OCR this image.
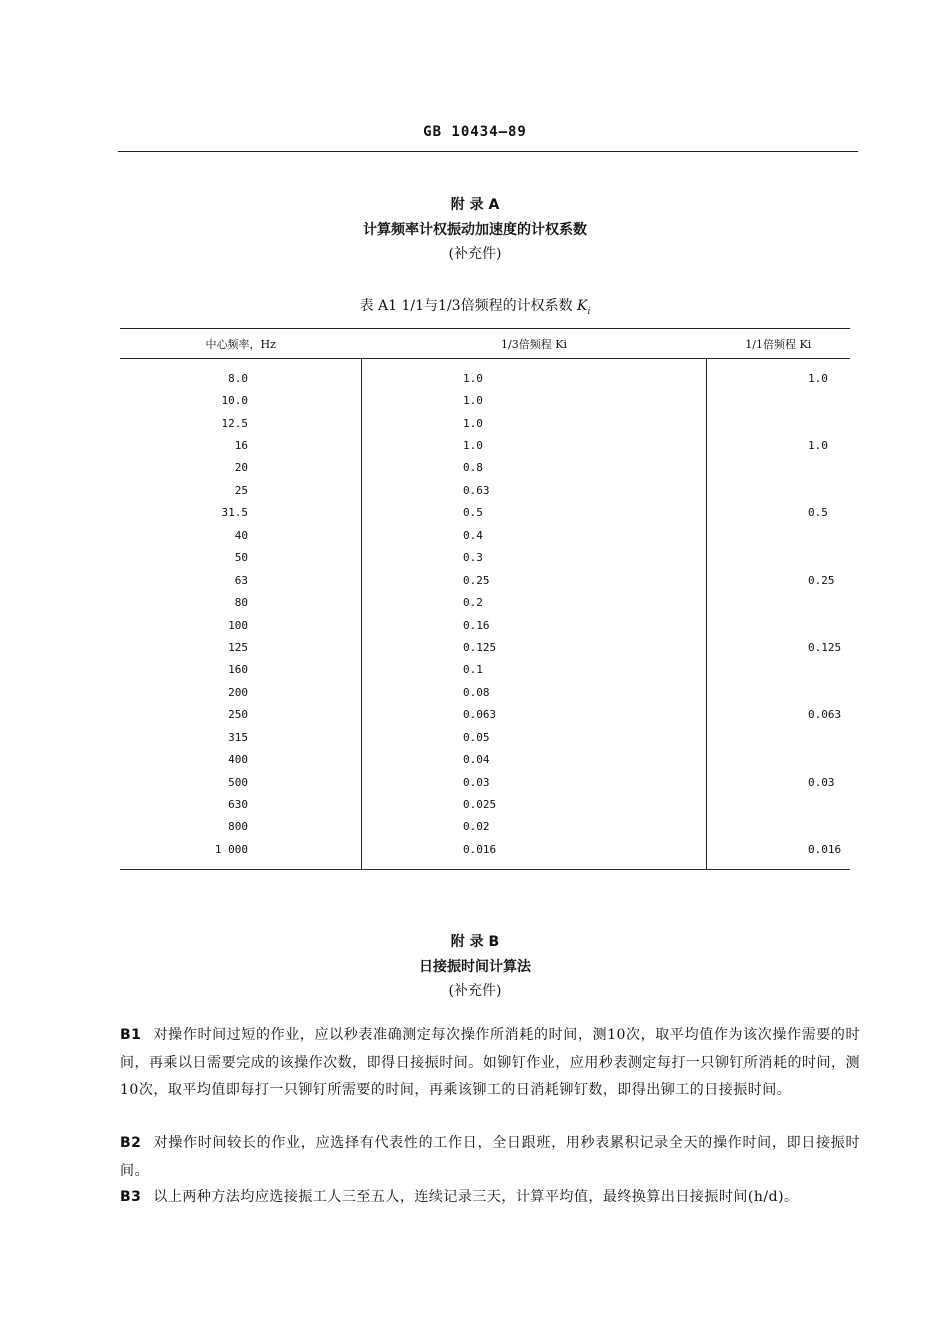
GB 10434—89
附 录 A
计算频率计权振动加速度的计权系数
(补充件)
表 A1 1/1与1/3倍频程的计权系数 $K_i$
中心频率，Hz	1/3倍频程 Ki	1/1倍频程 Ki
8.0	1.0	1.0
10.0	1.0	
12.5	1.0	
16	1.0	1.0
20	0.8	
25	0.63	
31.5	0.5	0.5
40	0.4	
50	0.3	
63	0.25	0.25
80	0.2	
100	0.16	
125	0.125	0.125
160	0.1	
200	0.08	
250	0.063	0.063
315	0.05	
400	0.04	
500	0.03	0.03
630	0.025	
800	0.02	
1 000	0.016	0.016
附 录 B
日接振时间计算法
(补充件)
B1 对操作时间过短的作业，应以秒表准确测定每次操作所消耗的时间，测10次，取平均值作为该次操作需要的时间，再乘以日需要完成的该操作次数，即得日接振时间。如铆钉作业，应用秒表测定每打一只铆钉所消耗的时间，测10次，取平均值即每打一只铆钉所需要的时间，再乘该铆工的日消耗铆钉数，即得出铆工的日接振时间。
B2 对操作时间较长的作业，应选择有代表性的工作日，全日跟班，用秒表累积记录全天的操作时间，即日接振时间。
B3 以上两种方法均应选接振工人三至五人，连续记录三天，计算平均值，最终换算出日接振时间(h/d)。
